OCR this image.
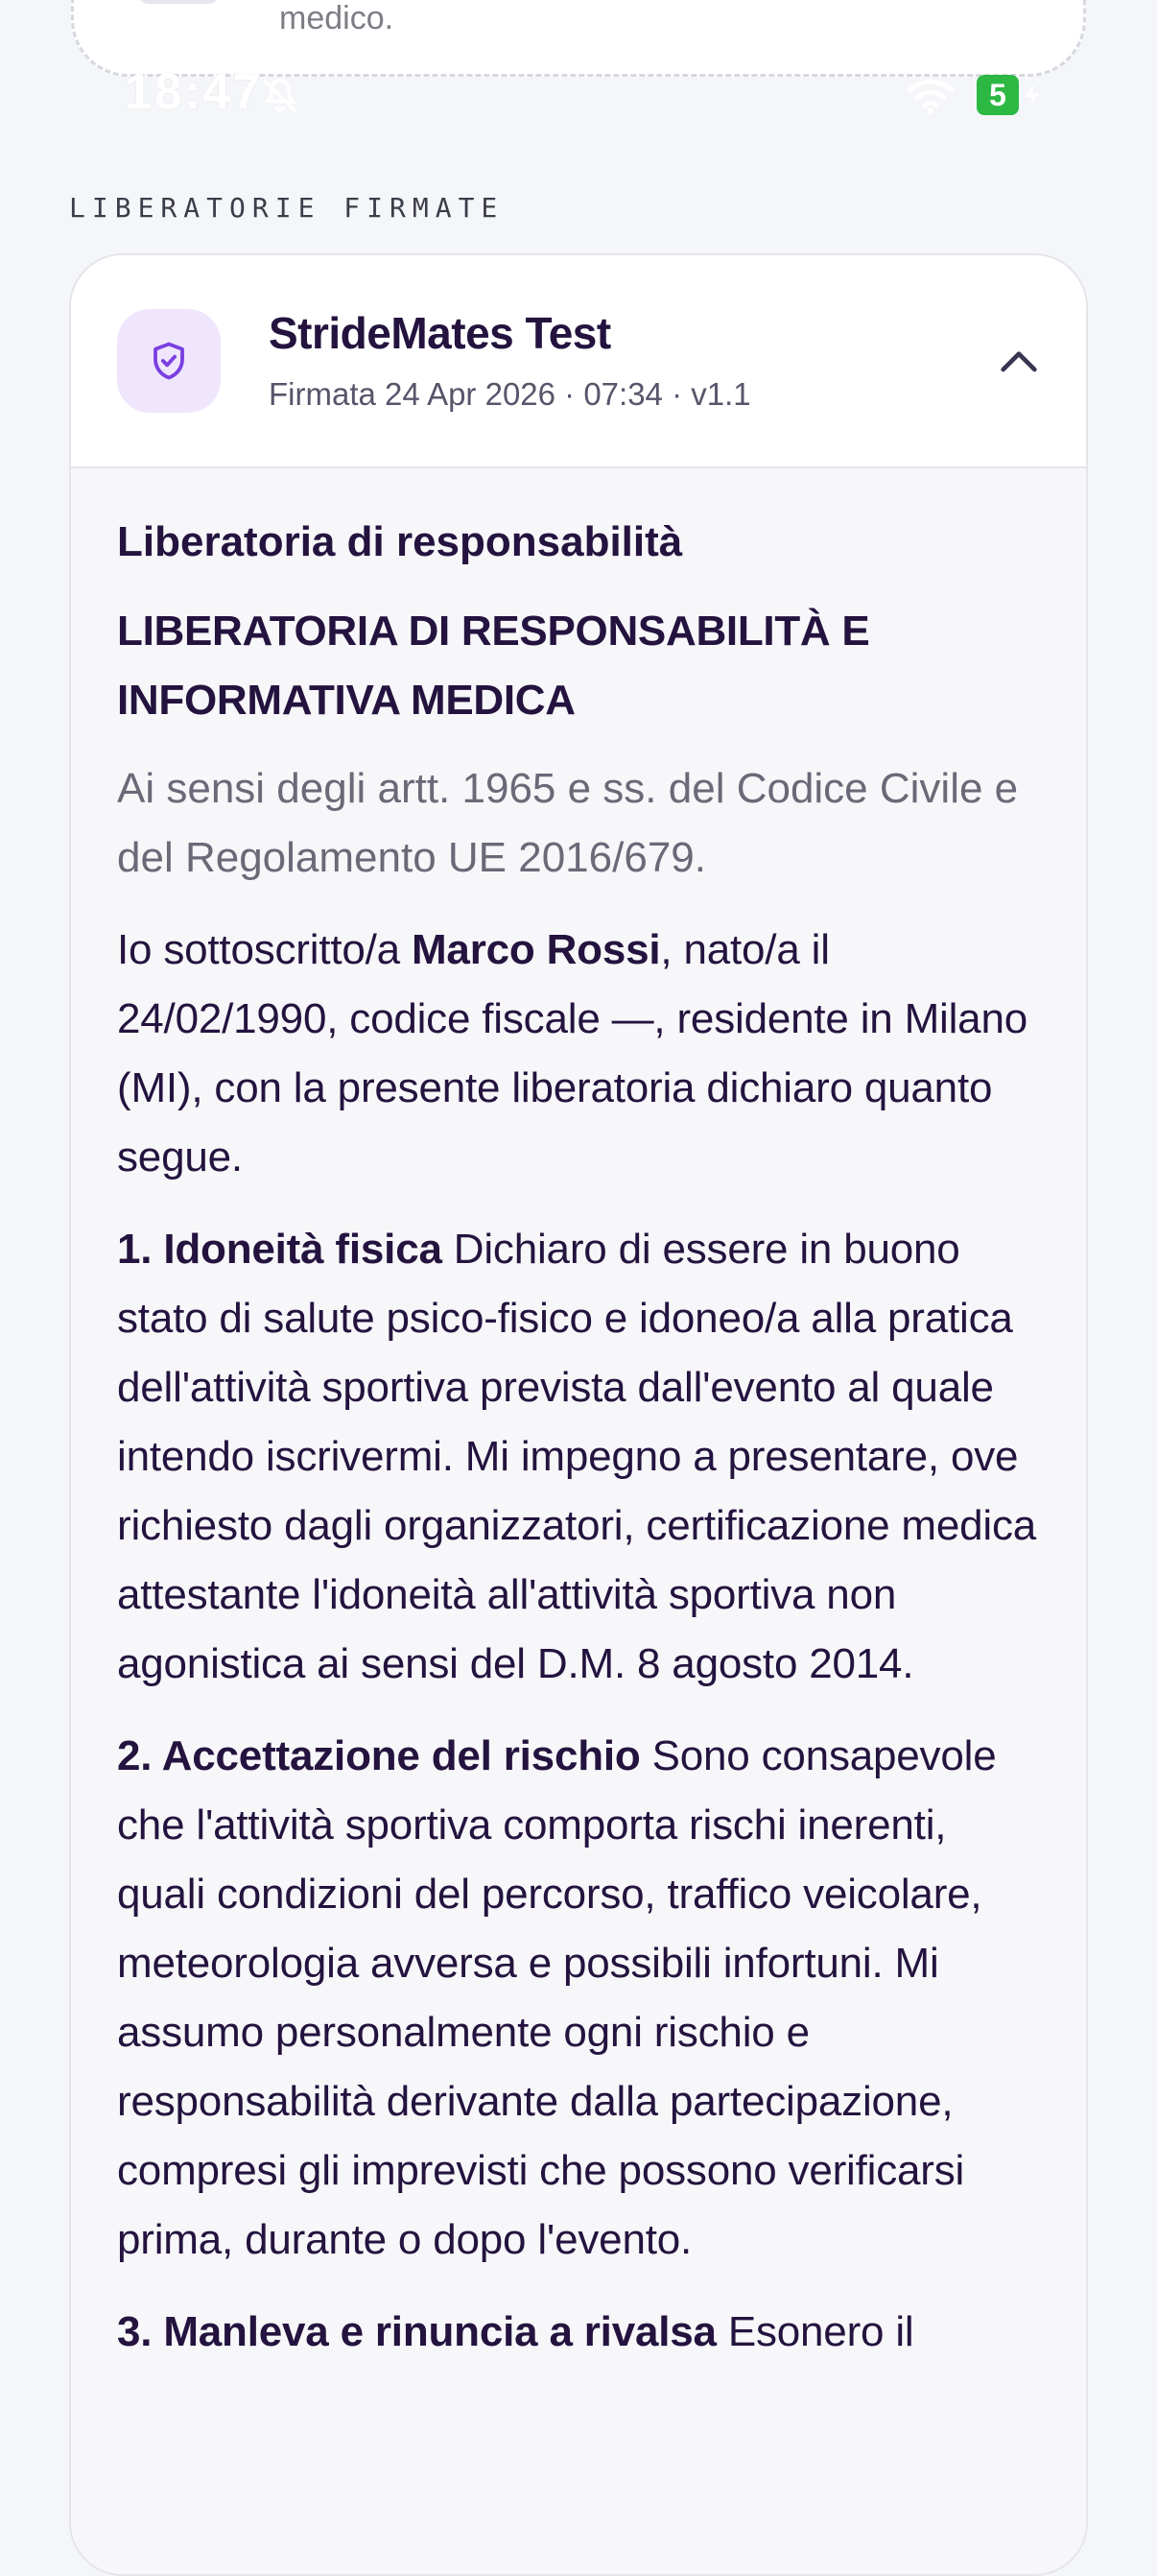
medico.
18:47	5
LIBERATORIE FIRMATE
StrideMates Test
Firmata 24 Apr 2026 · 07:34 · v1.1
Liberatoria di responsabilità
LIBERATORIA DI RESPONSABILITÀ E INFORMATIVA MEDICA
Ai sensi degli artt. 1965 e ss. del Codice Civile e del Regolamento UE 2016/679.
Io sottoscritto/a Marco Rossi, nato/a il 24/02/1990, codice fiscale —, residente in Milano (MI), con la presente liberatoria dichiaro quanto segue.
1. Idoneità fisica Dichiaro di essere in buono stato di salute psico-fisico e idoneo/a alla pratica dell'attività sportiva prevista dall'evento al quale intendo iscrivermi. Mi impegno a presentare, ove richiesto dagli organizzatori, certificazione medica attestante l'idoneità all'attività sportiva non agonistica ai sensi del D.M. 8 agosto 2014.
2. Accettazione del rischio Sono consapevole che l'attività sportiva comporta rischi inerenti, quali condizioni del percorso, traffico veicolare, meteorologia avversa e possibili infortuni. Mi assumo personalmente ogni rischio e responsabilità derivante dalla partecipazione, compresi gli imprevisti che possono verificarsi prima, durante o dopo l'evento.
3. Manleva e rinuncia a rivalsa Esonero il
